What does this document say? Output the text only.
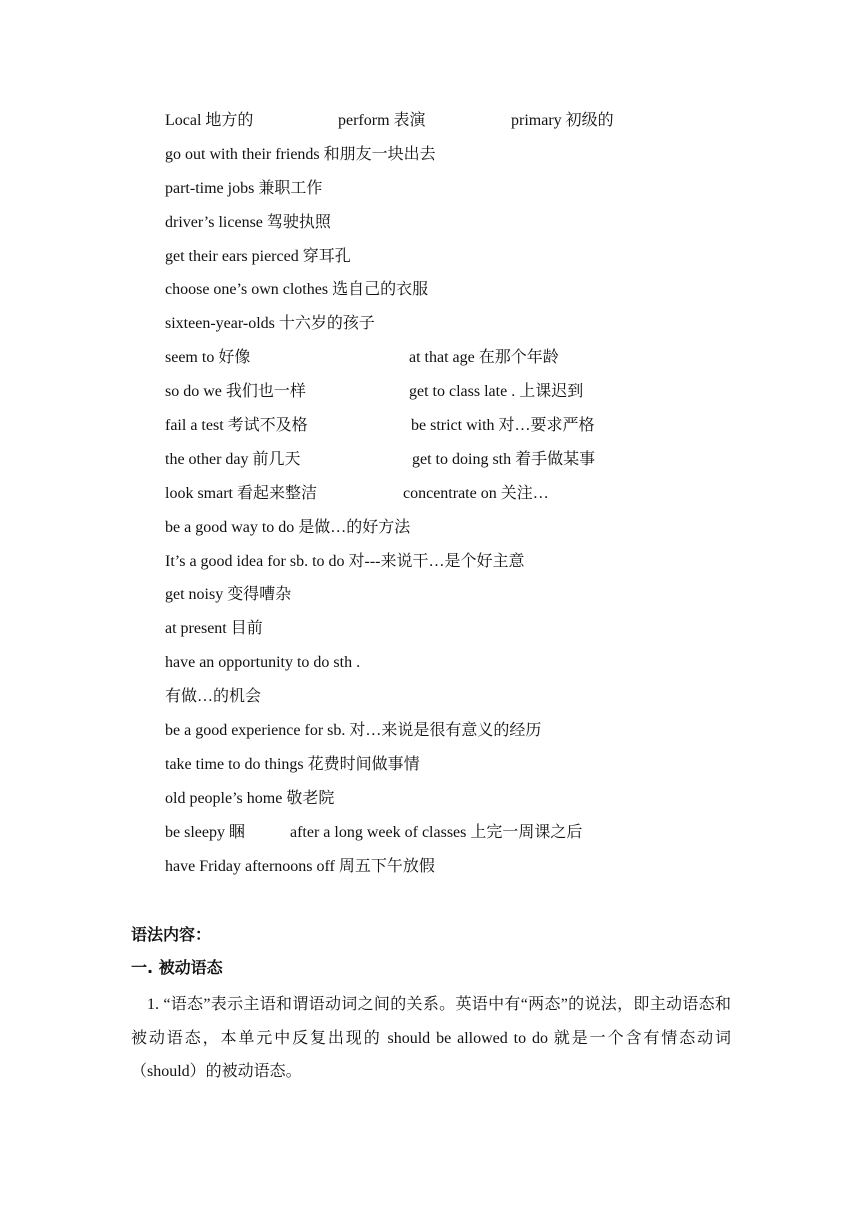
Local 地方的	perform 表演	primary 初级的
go out with their friends 和朋友一块出去
part-time jobs 兼职工作
driver’s license 驾驶执照
get their ears pierced 穿耳孔
choose one’s own clothes 选自己的衣服
sixteen-year-olds 十六岁的孩子
seem to 好像	at that age 在那个年龄
so do we 我们也一样	get to class late . 上课迟到
fail a test 考试不及格	be strict with 对…要求严格
the other day 前几天	get to doing sth 着手做某事
look smart 看起来整洁	concentrate on 关注…
be a good way to do 是做…的好方法
It’s a good idea for sb. to do 对---来说干…是个好主意
get noisy 变得嘈杂
at present 目前
have an opportunity to do sth .
有做…的机会
be a good experience for sb. 对…来说是很有意义的经历
take time to do things 花费时间做事情
old people’s home 敬老院
be sleepy 睏	after a long week of classes 上完一周课之后
have Friday afternoons off 周五下午放假
语法内容：
一. 被动语态

1. “语态”表示主语和谓语动词之间的关系。英语中有“两态”的说法，即主动语态和被动语态，本单元中反复出现的 should be allowed to do 就是一个含有情态动词（should）的被动语态。
